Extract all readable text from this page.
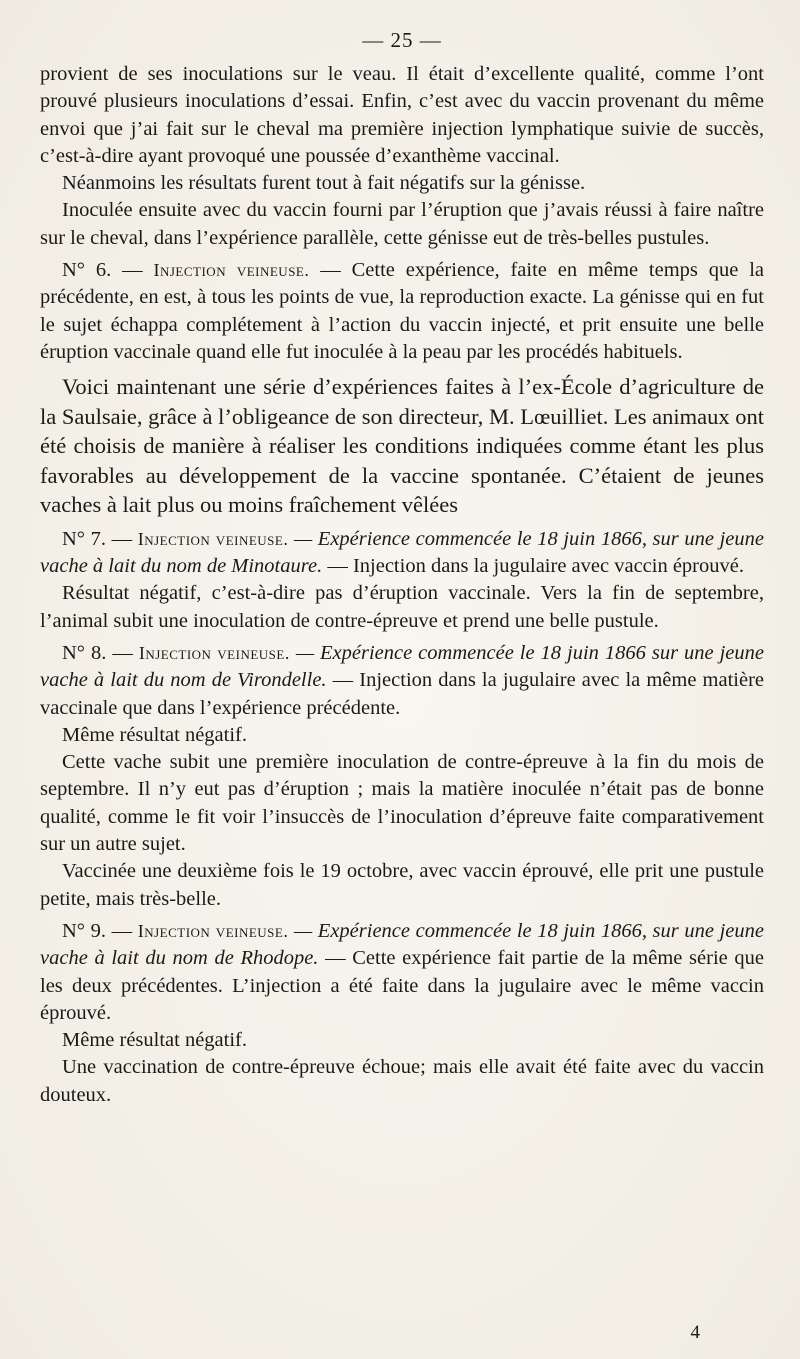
— 25 —

provient de ses inoculations sur le veau. Il était d’excellente qualité, comme l’ont prouvé plusieurs inoculations d’essai. Enfin, c’est avec du vaccin provenant du même envoi que j’ai fait sur le cheval ma première injection lymphatique suivie de succès, c’est-à-dire ayant provoqué une poussée d’exanthème vaccinal.

Néanmoins les résultats furent tout à fait négatifs sur la génisse.

Inoculée ensuite avec du vaccin fourni par l’éruption que j’avais réussi à faire naître sur le cheval, dans l’expérience parallèle, cette génisse eut de très-belles pustules.

N° 6. — Injection veineuse. — Cette expérience, faite en même temps que la précédente, en est, à tous les points de vue, la reproduction exacte. La génisse qui en fut le sujet échappa complétement à l’action du vaccin injecté, et prit ensuite une belle éruption vaccinale quand elle fut inoculée à la peau par les procédés habituels.

Voici maintenant une série d’expériences faites à l’ex-École d’agriculture de la Saulsaie, grâce à l’obligeance de son directeur, M. Lœuilliet. Les animaux ont été choisis de manière à réaliser les conditions indiquées comme étant les plus favorables au développement de la vaccine spontanée. C’étaient de jeunes vaches à lait plus ou moins fraîchement vêlées

N° 7. — Injection veineuse. — Expérience commencée le 18 juin 1866, sur une jeune vache à lait du nom de Minotaure. — Injection dans la jugulaire avec vaccin éprouvé.

Résultat négatif, c’est-à-dire pas d’éruption vaccinale. Vers la fin de septembre, l’animal subit une inoculation de contre-épreuve et prend une belle pustule.

N° 8. — Injection veineuse. — Expérience commencée le 18 juin 1866 sur une jeune vache à lait du nom de Virondelle. — Injection dans la jugulaire avec la même matière vaccinale que dans l’expérience précédente.

Même résultat négatif.

Cette vache subit une première inoculation de contre-épreuve à la fin du mois de septembre. Il n’y eut pas d’éruption ; mais la matière inoculée n’était pas de bonne qualité, comme le fit voir l’insuccès de l’inoculation d’épreuve faite comparativement sur un autre sujet.

Vaccinée une deuxième fois le 19 octobre, avec vaccin éprouvé, elle prit une pustule petite, mais très-belle.

N° 9. — Injection veineuse. — Expérience commencée le 18 juin 1866, sur une jeune vache à lait du nom de Rhodope. — Cette expérience fait partie de la même série que les deux précédentes. L’injection a été faite dans la jugulaire avec le même vaccin éprouvé.

Même résultat négatif.

Une vaccination de contre-épreuve échoue; mais elle avait été faite avec du vaccin douteux.

4
